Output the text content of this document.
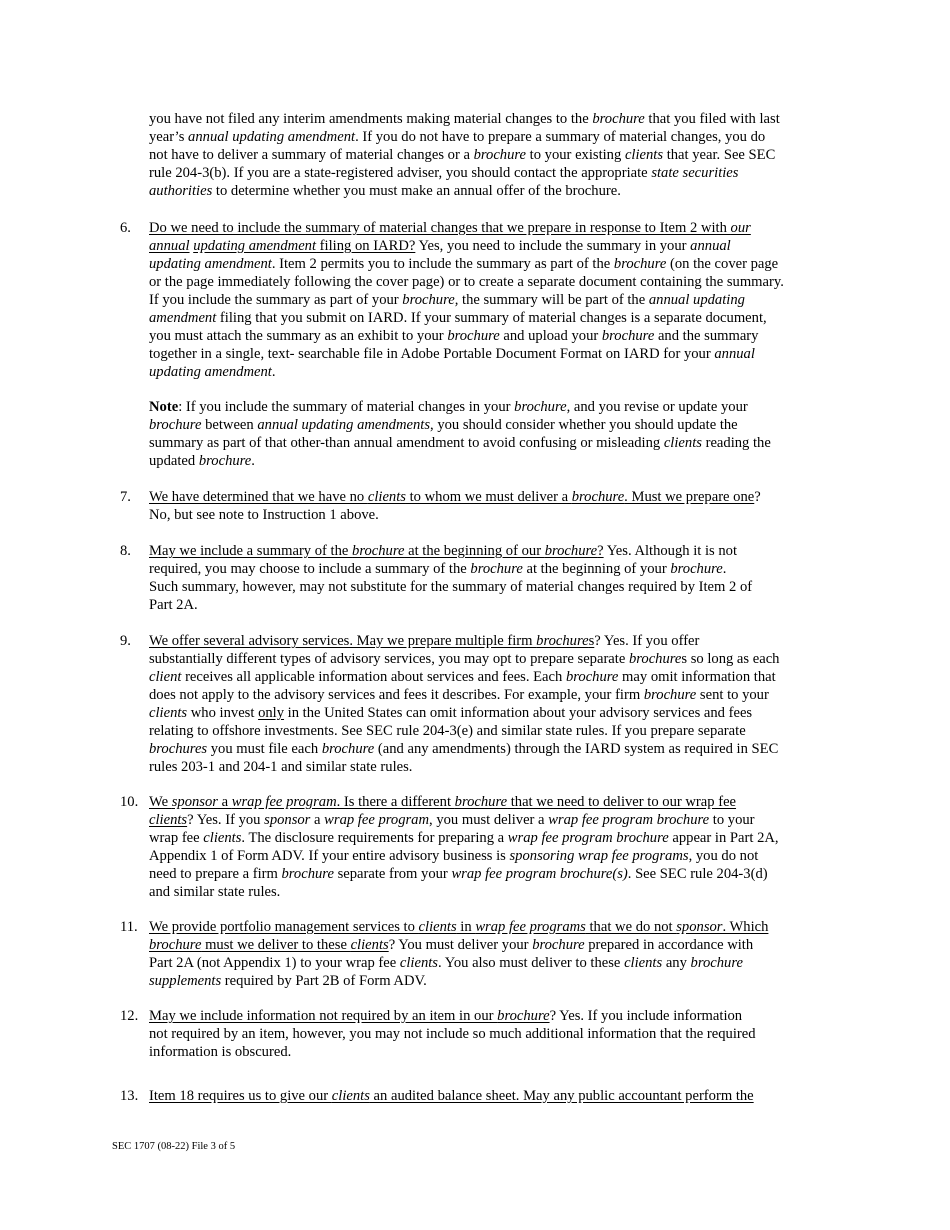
you have not filed any interim amendments making material changes to the brochure that you filed with last
year’s annual updating amendment. If you do not have to prepare a summary of material changes, you do
not have to deliver a summary of material changes or a brochure to your existing clients that year. See SEC
rule 204-3(b). If you are a state-registered adviser, you should contact the appropriate state securities
authorities to determine whether you must make an annual offer of the brochure.
6.	Do we need to include the summary of material changes that we prepare in response to Item 2 with our
annual updating amendment filing on IARD? Yes, you need to include the summary in your annual
updating amendment. Item 2 permits you to include the summary as part of the brochure (on the cover page
or the page immediately following the cover page) or to create a separate document containing the summary.
If you include the summary as part of your brochure, the summary will be part of the annual updating
amendment filing that you submit on IARD. If your summary of material changes is a separate document,
you must attach the summary as an exhibit to your brochure and upload your brochure and the summary
together in a single, text- searchable file in Adobe Portable Document Format on IARD for your annual
updating amendment.
Note: If you include the summary of material changes in your brochure, and you revise or update your
brochure between annual updating amendments, you should consider whether you should update the
summary as part of that other-than annual amendment to avoid confusing or misleading clients reading the
updated brochure.
7.	We have determined that we have no clients to whom we must deliver a brochure. Must we prepare one?
No, but see note to Instruction 1 above.
8.	May we include a summary of the brochure at the beginning of our brochure? Yes. Although it is not
required, you may choose to include a summary of the brochure at the beginning of your brochure.
Such summary, however, may not substitute for the summary of material changes required by Item 2 of
Part 2A.
9.	We offer several advisory services. May we prepare multiple firm brochures? Yes. If you offer
substantially different types of advisory services, you may opt to prepare separate brochures so long as each
client receives all applicable information about services and fees. Each brochure may omit information that
does not apply to the advisory services and fees it describes. For example, your firm brochure sent to your
clients who invest only in the United States can omit information about your advisory services and fees
relating to offshore investments. See SEC rule 204-3(e) and similar state rules. If you prepare separate
brochures you must file each brochure (and any amendments) through the IARD system as required in SEC
rules 203-1 and 204-1 and similar state rules.
10. We sponsor a wrap fee program. Is there a different brochure that we need to deliver to our wrap fee
clients? Yes. If you sponsor a wrap fee program, you must deliver a wrap fee program brochure to your
wrap fee clients. The disclosure requirements for preparing a wrap fee program brochure appear in Part 2A,
Appendix 1 of Form ADV. If your entire advisory business is sponsoring wrap fee programs, you do not
need to prepare a firm brochure separate from your wrap fee program brochure(s). See SEC rule 204-3(d)
and similar state rules.
11. We provide portfolio management services to clients in wrap fee programs that we do not sponsor. Which
brochure must we deliver to these clients? You must deliver your brochure prepared in accordance with
Part 2A (not Appendix 1) to your wrap fee clients. You also must deliver to these clients any brochure
supplements required by Part 2B of Form ADV.
12. May we include information not required by an item in our brochure? Yes. If you include information
not required by an item, however, you may not include so much additional information that the required
information is obscured.
13. Item 18 requires us to give our clients an audited balance sheet. May any public accountant perform the
SEC 1707 (08-22) File 3 of 5
